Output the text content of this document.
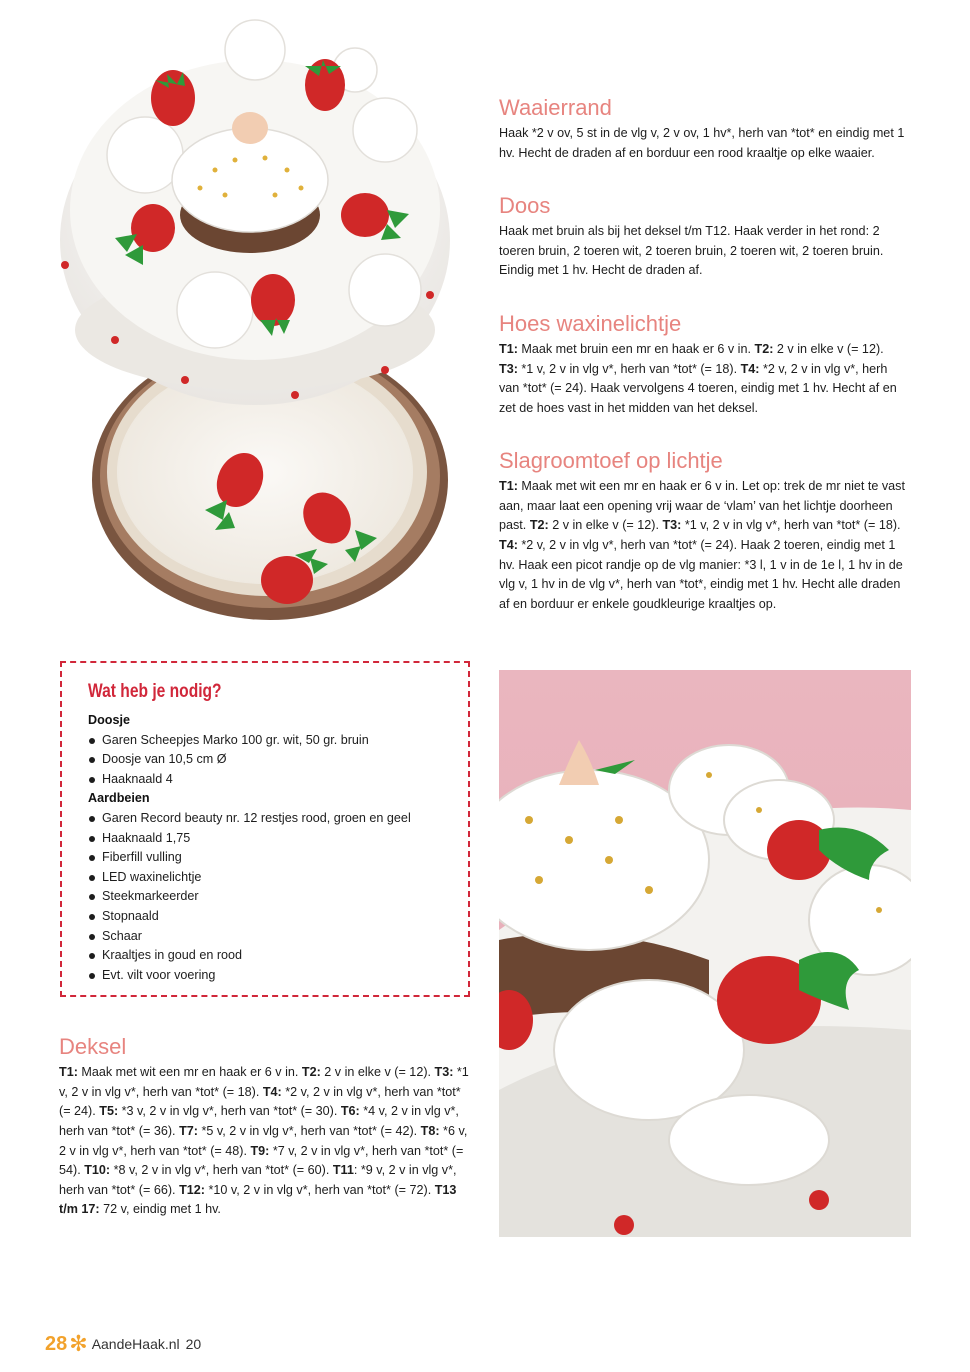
Waaierrand

Haak *2 v ov, 5 st in de vlg v, 2 v ov, 1 hv*, herh van *tot* en eindig met 1 hv. Hecht de draden af en borduur een rood kraaltje op elke waaier.

Doos

Haak met bruin als bij het deksel t/m T12. Haak verder in het rond: 2 toeren bruin, 2 toeren wit, 2 toeren bruin, 2 toeren wit, 2 toeren bruin. Eindig met 1 hv. Hecht de draden af.

Hoes waxinelichtje

T1: Maak met bruin een mr en haak er 6 v in. T2: 2 v in elke v (= 12). T3: *1 v, 2 v in vlg v*, herh van *tot* (= 18). T4: *2 v, 2 v in vlg v*, herh van *tot* (= 24). Haak vervolgens 4 toeren, eindig met 1 hv. Hecht af en zet de hoes vast in het midden van het deksel.

Slagroomtoef op lichtje

T1: Maak met wit een mr en haak er 6 v in. Let op: trek de mr niet te vast aan, maar laat een opening vrij waar de ‘vlam’ van het lichtje doorheen past. T2: 2 v in elke v (= 12). T3: *1 v, 2 v in vlg v*, herh van *tot* (= 18). T4: *2 v, 2 v in vlg v*, herh van *tot* (= 24). Haak 2 toeren, eindig met 1 hv. Haak een picot randje op de vlg manier: *3 l, 1 v in de 1e l, 1 hv in de vlg v, 1 hv in de vlg v*, herh van *tot*, eindig met 1 hv. Hecht alle draden af en borduur er enkele goudkleurige kraaltjes op.

Wat heb je nodig?
Doosje
Garen Scheepjes Marko 100 gr. wit, 50 gr. bruin
Doosje van 10,5 cm Ø
Haaknaald 4
Aardbeien
Garen Record beauty nr. 12 restjes rood, groen en geel
Haaknaald 1,75
Fiberfill vulling
LED waxinelichtje
Steekmarkeerder
Stopnaald
Schaar
Kraaltjes in goud en rood
Evt. vilt voor voering
Deksel

T1: Maak met wit een mr en haak er 6 v in. T2: 2 v in elke v (= 12). T3: *1 v, 2 v in vlg v*, herh van *tot* (= 18). T4: *2 v, 2 v in vlg v*, herh van *tot* (= 24). T5: *3 v, 2 v in vlg v*, herh van *tot* (= 30). T6: *4 v, 2 v in vlg v*, herh van *tot* (= 36). T7: *5 v, 2 v in vlg v*, herh van *tot* (= 42). T8: *6 v, 2 v in vlg v*, herh van *tot* (= 48). T9: *7 v, 2 v in vlg v*, herh van *tot* (= 54). T10: *8 v, 2 v in vlg v*, herh van *tot* (= 60). T11: *9 v, 2 v in vlg v*, herh van *tot* (= 66). T12: *10 v, 2 v in vlg v*, herh van *tot* (= 72). T13 t/m 17: 72 v, eindig met 1 hv.

28 ✻ AandeHaak.nl 20
